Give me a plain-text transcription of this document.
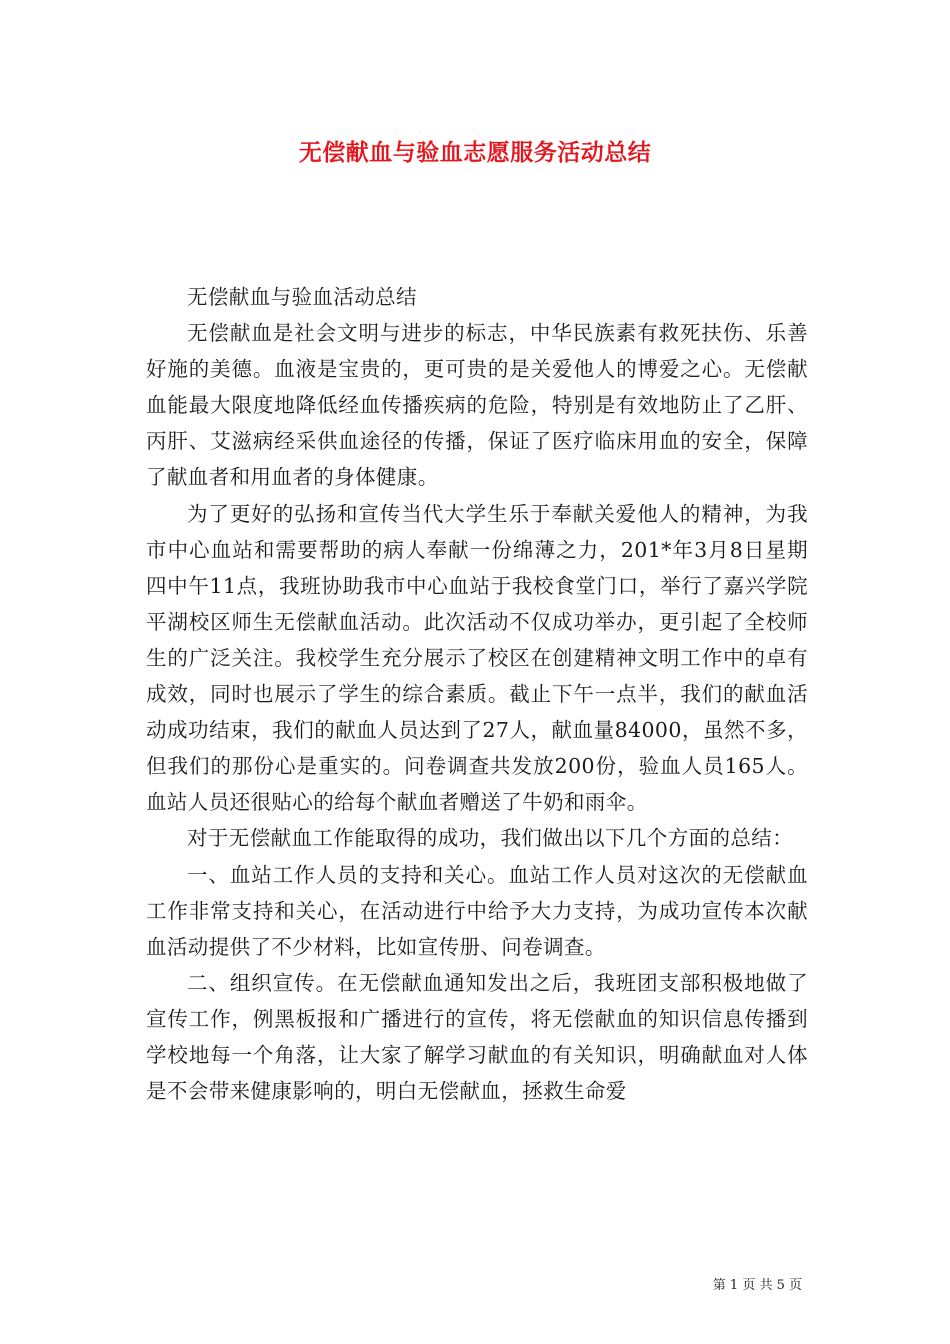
无偿献血与验血志愿服务活动总结

无偿献血与验血活动总结

无偿献血是社会文明与进步的标志，中华民族素有救死扶伤、乐善好施的美德。血液是宝贵的，更可贵的是关爱他人的博爱之心。无偿献血能最大限度地降低经血传播疾病的危险，特别是有效地防止了乙肝、丙肝、艾滋病经采供血途径的传播，保证了医疗临床用血的安全，保障了献血者和用血者的身体健康。

为了更好的弘扬和宣传当代大学生乐于奉献关爱他人的精神，为我市中心血站和需要帮助的病人奉献一份绵薄之力，201*年3月8日星期四中午11点，我班协助我市中心血站于我校食堂门口，举行了嘉兴学院平湖校区师生无偿献血活动。此次活动不仅成功举办，更引起了全校师生的广泛关注。我校学生充分展示了校区在创建精神文明工作中的卓有成效，同时也展示了学生的综合素质。截止下午一点半，我们的献血活动成功结束，我们的献血人员达到了27人，献血量84000，虽然不多，但我们的那份心是重实的。问卷调查共发放200份，验血人员165人。血站人员还很贴心的给每个献血者赠送了牛奶和雨伞。

对于无偿献血工作能取得的成功，我们做出以下几个方面的总结：

一、血站工作人员的支持和关心。血站工作人员对这次的无偿献血工作非常支持和关心，在活动进行中给予大力支持，为成功宣传本次献血活动提供了不少材料，比如宣传册、问卷调查。

二、组织宣传。在无偿献血通知发出之后，我班团支部积极地做了宣传工作，例黑板报和广播进行的宣传，将无偿献血的知识信息传播到学校地每一个角落，让大家了解学习献血的有关知识，明确献血对人体是不会带来健康影响的，明白无偿献血，拯救生命爱

第 1 页 共 5 页
